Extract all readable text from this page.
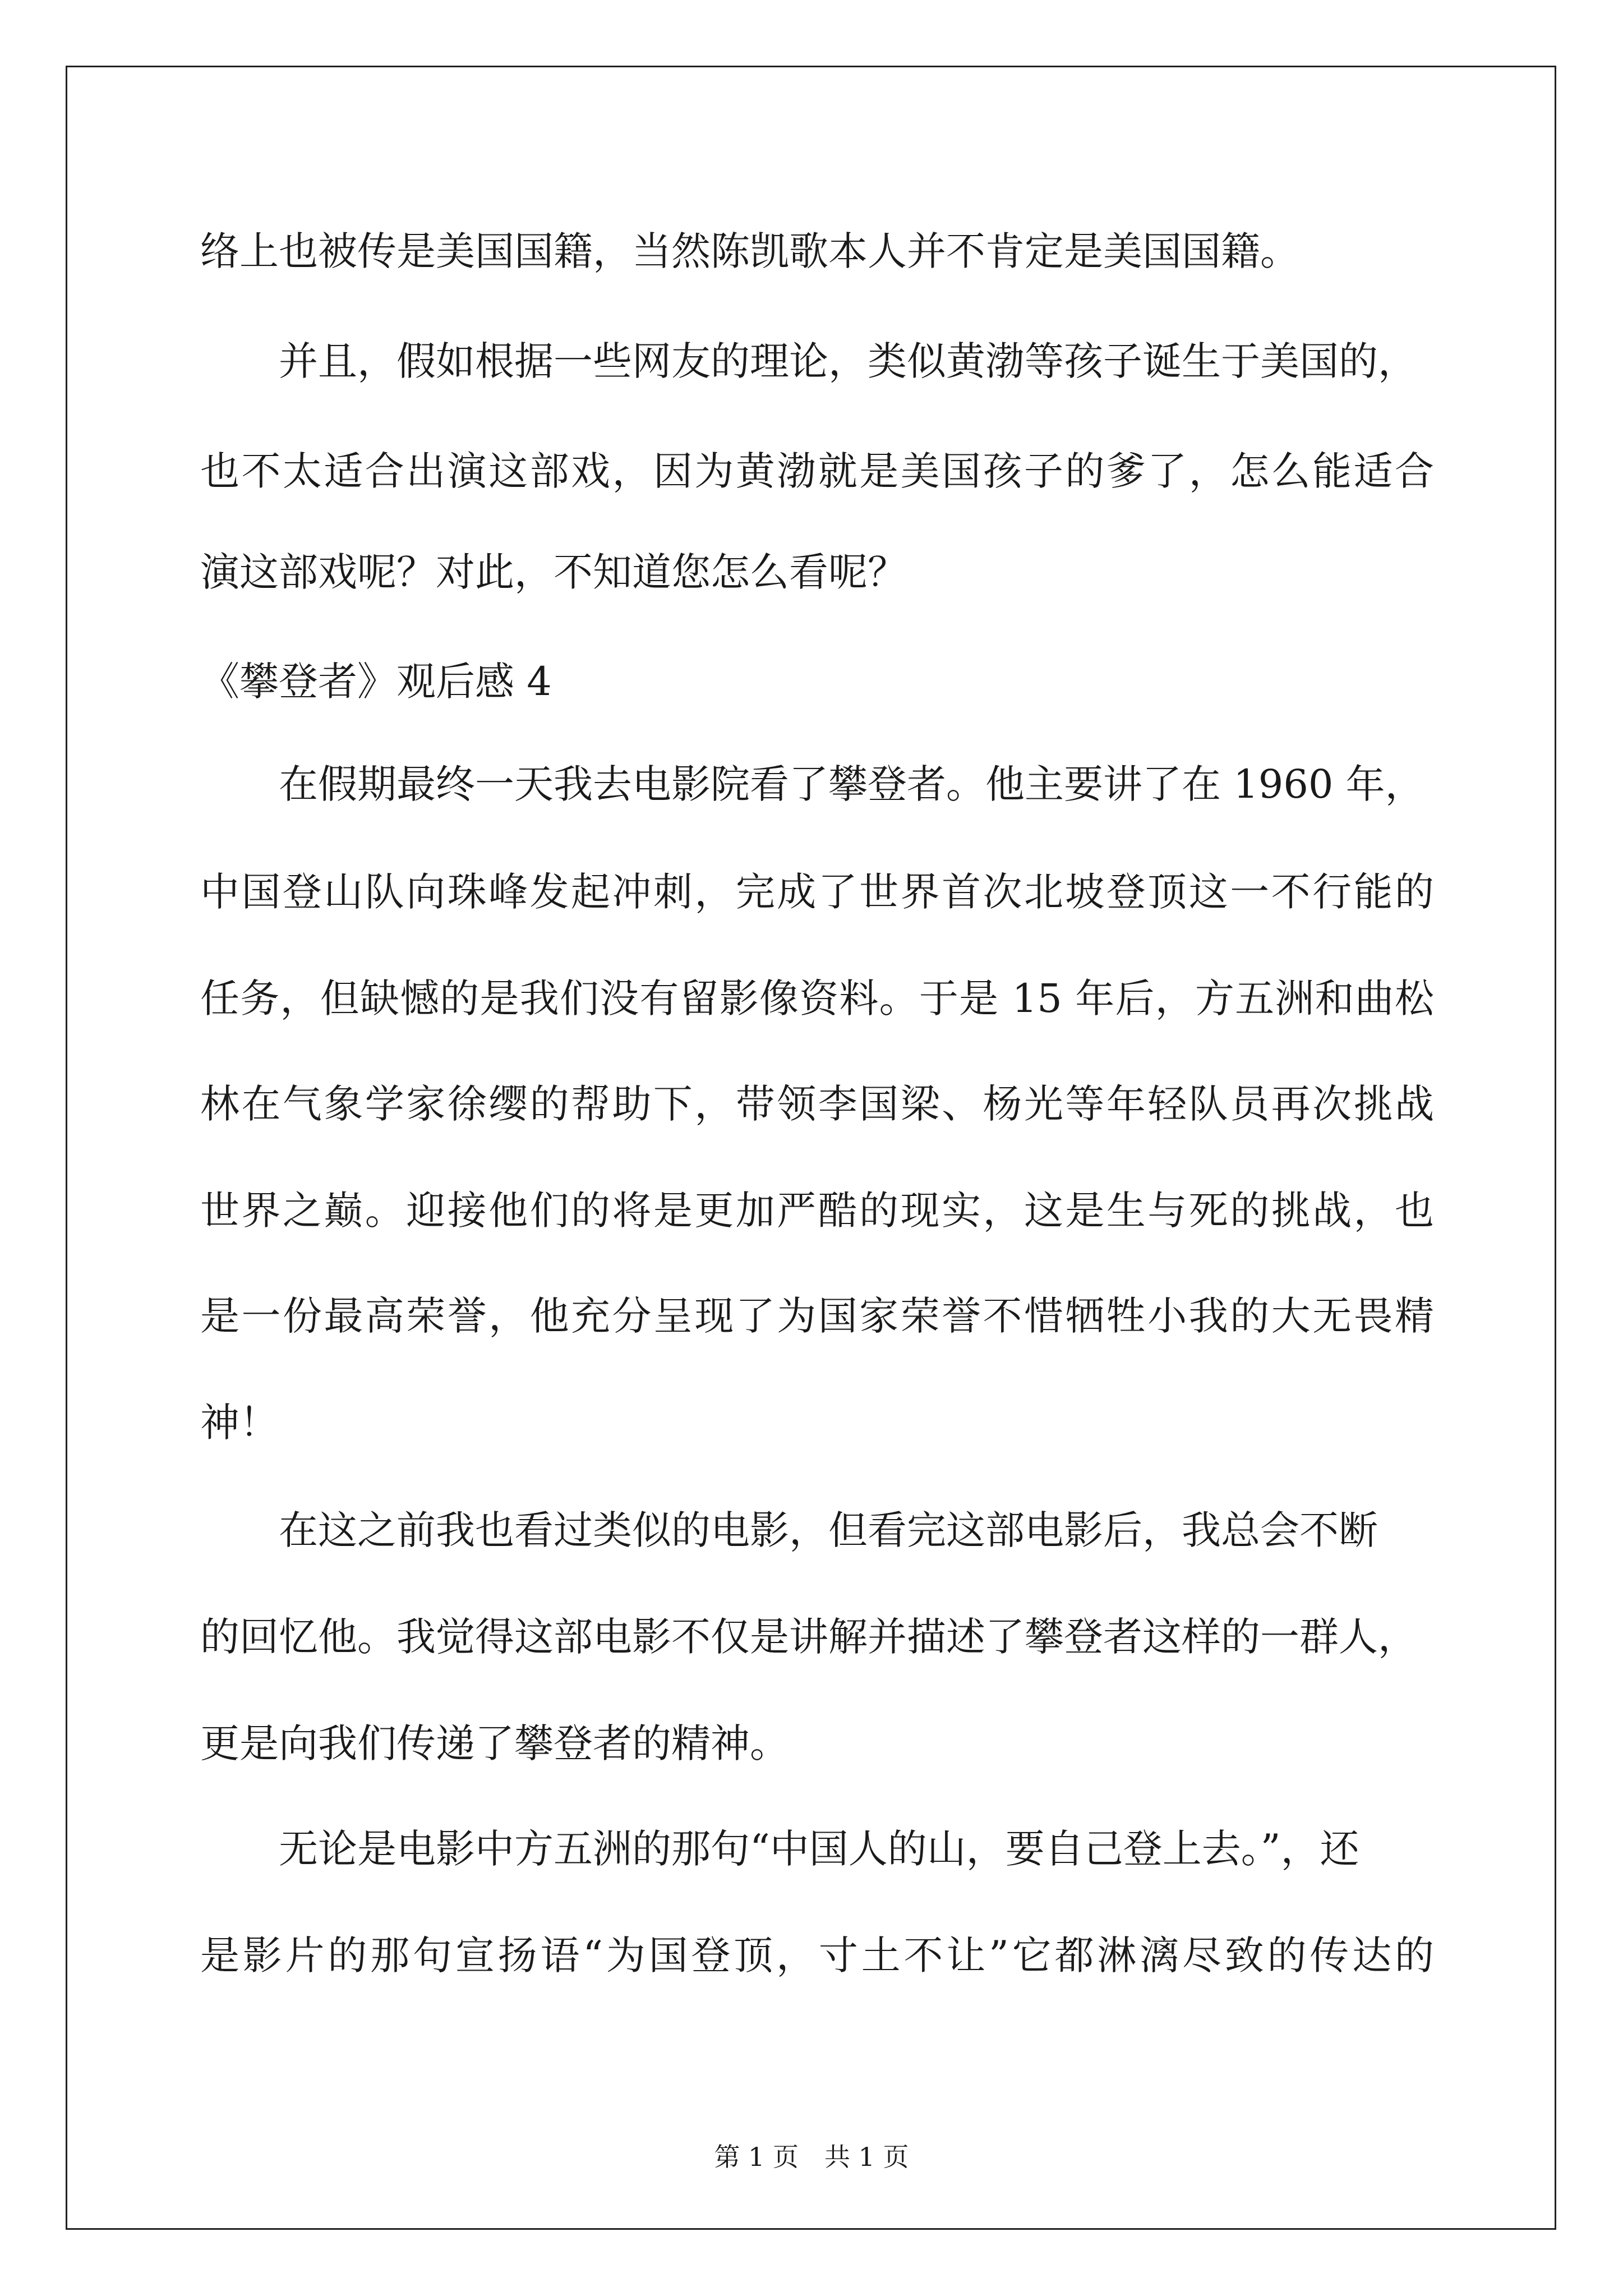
络上也被传是美国国籍，当然陈凯歌本人并不肯定是美国国籍。
并且，假如根据一些网友的理论，类似黄渤等孩子诞生于美国的，
也不太适合出演这部戏，因为黄渤就是美国孩子的爹了，怎么能适合
演这部戏呢？对此，不知道您怎么看呢？
《攀登者》观后感 4
在假期最终一天我去电影院看了攀登者。他主要讲了在 1960 年，
中国登山队向珠峰发起冲刺，完成了世界首次北坡登顶这一不行能的
任务，但缺憾的是我们没有留影像资料。于是 15 年后，方五洲和曲松
林在气象学家徐缨的帮助下，带领李国梁、杨光等年轻队员再次挑战
世界之巅。迎接他们的将是更加严酷的现实，这是生与死的挑战，也
是一份最高荣誉，他充分呈现了为国家荣誉不惜牺牲小我的大无畏精
神！
在这之前我也看过类似的电影，但看完这部电影后，我总会不断
的回忆他。我觉得这部电影不仅是讲解并描述了攀登者这样的一群人，
更是向我们传递了攀登者的精神。
无论是电影中方五洲的那句“中国人的山，要自己登上去。”，还
是影片的那句宣扬语“为国登顶，寸土不让”它都淋漓尽致的传达的
第 1 页　共 1 页
